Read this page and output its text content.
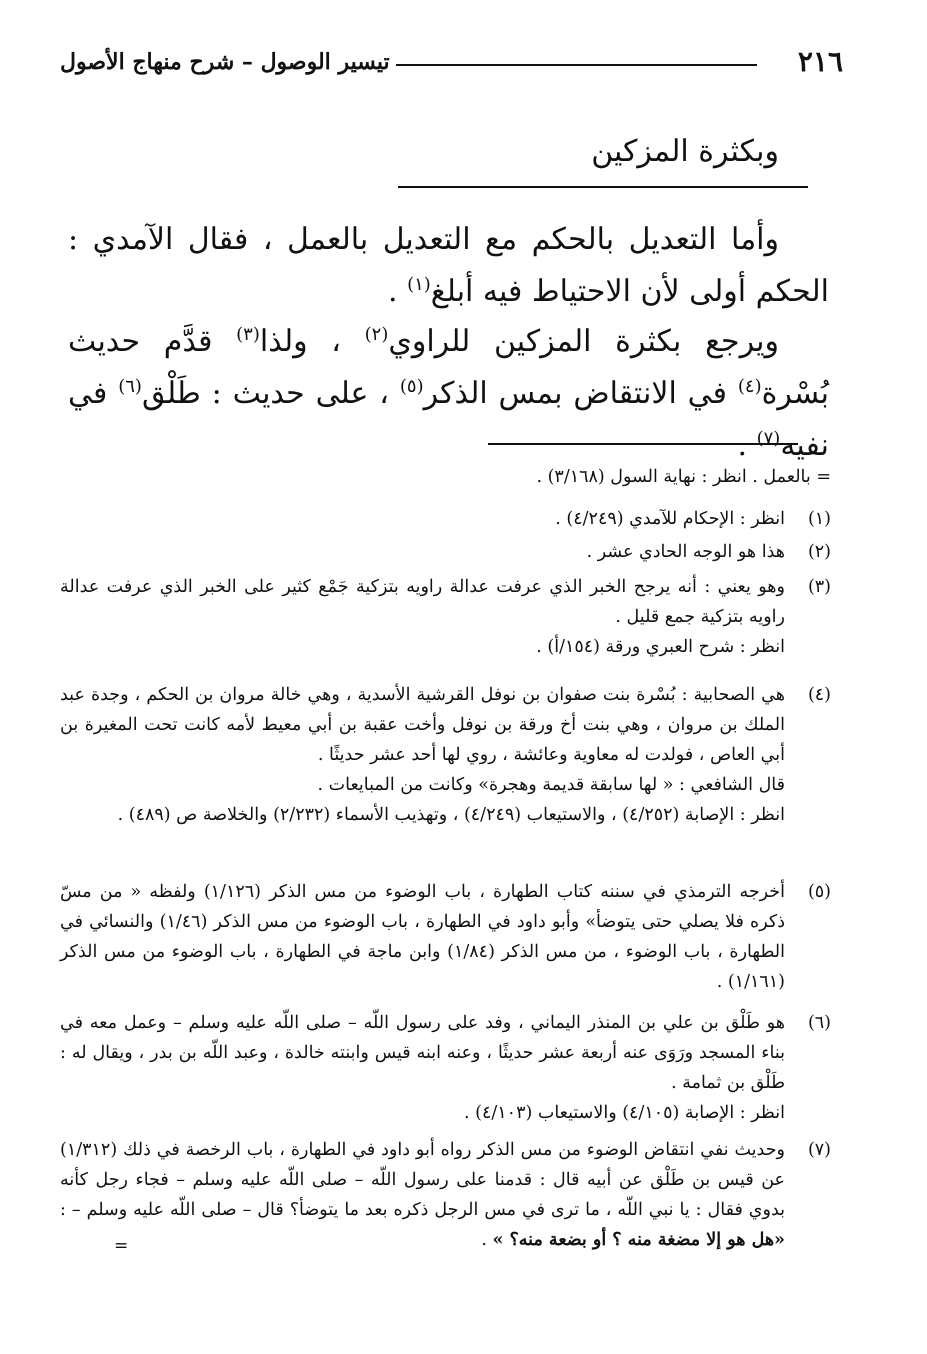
٢١٦
تيسير الوصول – شرح منهاج الأصول
وبكثرة المزكين

وأما التعديل بالحكم مع التعديل بالعمل ، فقال الآمدي : الحكم أولى لأن الاحتياط فيه أبلغ$^{(١)}$ .

ويرجع بكثرة المزكين للراوي$^{(٢)}$ ، ولذا$^{(٣)}$ قدَّم حديث بُسْرة$^{(٤)}$ في الانتقاض بمس الذكر$^{(٥)}$ ، على حديث : طَلْق$^{(٦)}$ في نفيه$^{(٧)}$ .

= بالعمل . انظر : نهاية السول (٣/١٦٨) .
(١)
انظر : الإحكام للآمدي (٤/٢٤٩) .
(٢)
هذا هو الوجه الحادي عشر .
(٣)
وهو يعني : أنه يرجح الخبر الذي عرفت عدالة راويه بتزكية جَمْع كثير على الخبر الذي عرفت عدالة راويه بتزكية جمع قليل .
انظر : شرح العبري ورقة (١٥٤/أ) .
(٤)
هي الصحابية : بُسْرة بنت صفوان بن نوفل القرشية الأسدية ، وهي خالة مروان بن الحكم ، وجدة عبد الملك بن مروان ، وهي بنت أخ ورقة بن نوفل وأخت عقبة بن أبي معيط لأمه كانت تحت المغيرة بن أبي العاص ، فولدت له معاوية وعائشة ، روي لها أحد عشر حديثًا .
قال الشافعي : « لها سابقة قديمة وهجرة» وكانت من المبايعات .
انظر : الإصابة (٤/٢٥٢) ، والاستيعاب (٤/٢٤٩) ، وتهذيب الأسماء (٢/٢٣٢) والخلاصة ص (٤٨٩) .
(٥)
أخرجه الترمذي في سننه كتاب الطهارة ، باب الوضوء من مس الذكر (١/١٢٦) ولفظه « من مسّ ذكره فلا يصلي حتى يتوضأ» وأبو داود في الطهارة ، باب الوضوء من مس الذكر (١/٤٦) والنسائي في الطهارة ، باب الوضوء ، من مس الذكر (١/٨٤) وابن ماجة في الطهارة ، باب الوضوء من مس الذكر (١/١٦١) .
(٦)
هو طَلْق بن علي بن المنذر اليماني ، وفد على رسول اللّه – صلى اللّه عليه وسلم – وعمل معه في بناء المسجد ورَوَى عنه أربعة عشر حديثًا ، وعنه ابنه قيس وابنته خالدة ، وعبد اللّه بن بدر ، ويقال له : طَلْق بن ثمامة .
انظر : الإصابة (٤/١٠٥) والاستيعاب (٤/١٠٣) .
(٧)
وحديث نفي انتقاض الوضوء من مس الذكر رواه أبو داود في الطهارة ، باب الرخصة في ذلك (١/٣١٢) عن قيس بن طَلْق عن أبيه قال : قدمنا على رسول اللّه – صلى اللّه عليه وسلم – فجاء رجل كأنه بدوي فقال : يا نبي اللّه ، ما ترى في مس الرجل ذكره بعد ما يتوضأ؟ قال – صلى اللّه عليه وسلم – : «هل هو إلا مضغة منه ؟ أو بضعة منه؟ » .
=
